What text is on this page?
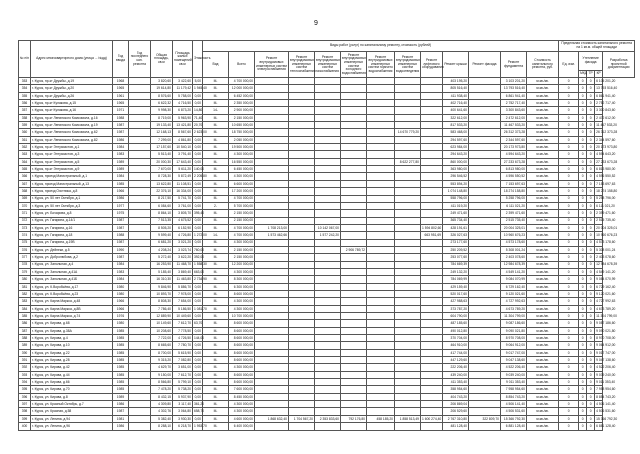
9
№ п/п	Адрес многоквартирного дома (улица ... №дд)	Год ввода	Год последнего кап. ремонта	Общая площадь, кв.м	Площадь жилых помещений, кв.м	Этажность	Виды работ (услуг) по капитальному ремонту, стоимость (рублей)													Предельная стоимость капитального ремонта на 1 кв.м. общей площади				
							Вид	Всего	Ремонт внутридомовых инженерных систем электроснабжения	Ремонт внутридомовых инженерных систем теплоснабжения	Ремонт внутридомовых инженерных систем газоснабжения	Ремонт внутридомовых инженерных систем холодного водоснабжения	Ремонт внутридомовых инженерных систем горячего водоснабжения	Ремонт внутридомовых инженерных систем водоотведения	Ремонт лифтового оборудования	Ремонт крыши	Ремонт фасада	Ремонт фундамента	Стоимость капитального ремонта, руб.	Ед. изм.	Утепление фасада			Разработка проектной документации
																					МКД	ТР	КР	
353	г. Курск, пр-кт Дружбы, д.19	1968		3 820,60	3 422,60	5,00	М-	4 700 000,00								403 195,20		3 103 201,20	м.кв./кв.	0	0	0	6 105 201,20	
354	г. Курск, пр-кт Дружбы, д.20	1965		19 614,80	11 179,42	1 945,40	М-	12 000 000,00								805 516,40		13 793 516,40	м.кв./кв.	0	0	0	13 793 516,40	
355	г. Курск, пр-кт Дружбы, д.26	1961		8 576,60	5 758,00	0,00	М-	6 452 000,00								411 938,40		6 861 941,40	м.кв./кв.	0	0	0	6 861 941,40	
356	г. Курск, пр-кт Кулакова, д.15	1965		6 622,32	4 716,50	0,00	М-	2 350 000,00								402 716,40		2 752 717,40	м.кв./кв.	0	0	0	2 752 717,40	
357	г. Курск, пр-кт Кулакова, д.16	1971		9 998,30	6 873,20	14,80	14-	2 900 000,00								400 641,60		3 300 843,60	м.кв./кв.	0	0	0	3 300 843,60	
358	г. Курск, пр-кт Ленинского Комсомола, д.16	1988		8 719,00	5 963,90	71,40	М-	2 150 000,00								322 612,00		2 472 612,00	м.кв./кв.	0	0	0	2 472 612,00	
359	г. Курск, пр-кт Ленинского Комсомола, д.19	1987		19 133,40	13 421,80	20,70	М-	10 650 000,00								817 533,20		11 467 533,20	м.кв./кв.	0	0	0	11 467 533,20	
360	г. Курск, пр-кт Ленинского Комсомола, д.62	1987		12 168,13	8 567,60	2 623,00	М-	18 750 000,00						14 670 779,20		583 468,00		26 312 373,28	м.кв./кв.	0	0	0	26 312 373,28	
361	г. Курск, пр-кт Ленинского Комсомола, д.82	1986		7 299,00	4 861,80	0,00	М-	2 050 000,00								294 597,60		2 344 597,60	м.кв./кв.	0	0	0	2 344 597,60	
362	г. Курск, пр-кт Энтузиастов, д.1	1984		17 157,60	10 540,10	0,00	М-	19 500 000,00								623 984,00		20 173 973,80	м.кв./кв.	0	0	0	20 173 973,80	
363	г. Курск, пр-кт Энтузиастов, д.3	1983		5 513,40	3 791,40	0,00	М-	4 300 000,00								294 643,20		4 594 643,20	м.кв./кв.	0	0	0	4 594 643,20	
364	г. Курск, пр-кт Энтузиастов, д.5	1989		20 000,30	17 643,40	0,00	М-	16 550 000,00						8 622 277,80		860 000,00		27 233 673,28	м.кв./кв.	0	0	0	27 233 673,28	
365	г. Курск, пр-кт Энтузиастов, д.9	1989		7 670,00	5 611,20	140,00	М-	6 450 000,00								363 980,00		6 813 980,00	м.кв./кв.	0	0	0	6 813 980,00	
366	г. Курск, проезд Магистральный, д.1	1984		8 728,30	5 872,49	2 205,80	М-	4 300 000,00								296 546,52		4 596 550,52	м.кв./кв.	0	0	0	4 596 550,52	
367	г. Курск, проезд Магистральный, д.13	1985		13 622,80	11 108,51	0,00	М-	6 600 000,00								553 894,20		7 153 697,63	м.кв./кв.	0	0	0	7 153 697,63	
368	г. Курск, проезд Охотника, д.8	1966		22 376,10	16 334,00	0,00	М-	17 200 000,00								1 074 148,80		18 274 158,80	м.кв./кв.	0	0	0	18 274 158,80	
369	г. Курск, ул. 50 лет Октября, д.1	1986		8 217,50	5 741,70	0,00	М-	4 700 000,00								558 796,00		5 258 796,00	м.кв./кв.	0	0	0	5 258 796,00	
370	г. Курск, ул. 50 лет Октября, д.3	1977		6 084,60	3 761,00	0,00	2-	5 700 000,00								411 019,20		6 111 021,20	м.кв./кв.	0	0	0	6 111 021,20	
371	г. Курск, ул. Бочарова, д.8	1975		8 864,10	3 805,70	395,40	М-	2 150 000,00								249 471,60		2 399 471,60	м.кв./кв.	0	0	0	2 399 471,60	
372	г. Курск, ул. Гагарина, д.14/1	1987		7 513,35	4 675,52	0,00	М-	2 150 000,00								365 734,40		2 515 735,40	м.кв./кв.	0	0	0	2 515 735,40	
373	г. Курск, ул. Гагарина, д.16	1987		8 505,20	6 152,90	0,00	М-	4 700 000,00	1 708 213,00		10 142 067,00				1 594 802,60	428 191,61		20 004 325,01	м.кв./кв.	0	0	0	20 004 325,01	
374	г. Курск, ул. Гагарина, д.18	1988		9 599,40	4 726,80	1 272,00	14-	4 700 000,00	1 573 462,66		1 577 242,20				663 951,69	326 027,63		10 960 676,23	м.кв./кв.	0	0	0	10 960 676,23	
375	г. Курск, ул. Гагарина, д.19В	1987		6 681,20	3 021,20	0,00	М-	4 300 000,00								273 177,60		4 573 178,60	м.кв./кв.	0	0	0	4 573 178,60	
376	г. Курск, ул. Дейнеки, д.5	1990		4 208,24	3 023,74	760,00	М-	2 150 000,00				2 906 789,72				250 209,52		5 308 001,24	м.кв./кв.	0	0	0	5 308 001,24	
377	г. Курск, ул. Добролюбова, д.2	1987		5 272,40	3 622,20	392,00	М-	2 150 000,00								253 077,60		2 403 078,60	м.кв./кв.	0	0	0	2 403 078,60	
378	г. Курск, ул. Запольная, д.4	1984		16 253,90	11 468,70	1 558,30	М-	12 200 000,00								784 669,39		12 984 678,39	м.кв./кв.	0	0	0	12 984 678,39	
379	г. Курск, ул. Запольная, д.41А	1983		5 185,40	3 869,40	663,00	М-	4 300 000,00								249 132,20		4 549 141,20	м.кв./кв.	0	0	0	4 549 141,20	
380	г. Курск, ул. Запольная, д.41Б	1984		16 310,30	11 463,80	2 734,90	М-	8 300 000,00								784 069,99		9 084 070,99	м.кв./кв.	0	0	0	9 084 070,99	
381	г. Курск, ул. К.Воробьёва, д.17	1980		9 846,90	5 886,70	0,00	М-	6 300 000,00								429 159,40		6 729 162,40	м.кв./кв.	0	0	0	6 729 162,40	
382	г. Курск, ул. К.Воробьёва, д.23	1980		10 893,70	7 978,00	0,00	М-	8 600 000,00								520 017,60		9 120 021,60	м.кв./кв.	0	0	0	9 120 021,60	
383	г. Курск, ул. Карла Маркса, д.48	1966		8 808,30	7 654,00	0,00	М-	4 300 000,00								427 988,63		4 727 992,63	м.кв./кв.	0	0	0	4 727 992,63	
384	г. Курск, ул. Карла Маркса, д.8В	1966		7 786,40	5 186,50	1 081,70	М-	4 300 000,00								373 787,20		4 673 789,20	м.кв./кв.	0	0	0	4 673 789,20	
385	г. Курск, ул. Карла Маркса, д.74	1976		12 889,90	10 449,60	0,00	М-	10 700 000,00								604 790,00		11 304 799,00	м.кв./кв.	0	0	0	11 304 799,00	
386	г. Курск, ул. Кирова, д.68	1980		10 149,60	7 612,70	63,70	М-	8 600 000,00								487 185,60		9 087 186,60	м.кв./кв.	0	0	0	9 087 186,60	
387	г. Курск, ул. Кирова, д.38А	1985		10 208,60	7 778,50	0,00	М-	8 600 000,00								490 012,80		9 090 021,80	м.кв./кв.	0	0	0	9 090 021,80	
388	г. Курск, ул. Кирова, д.4	1985		7 722,00	4 726,50	144,00	М-	8 600 000,00								370 704,00		8 970 708,00	м.кв./кв.	0	0	0	8 970 708,00	
389	г. Курск, ул. Кирова, д.10	1985		8 665,60	7 780,70	0,00	М-	8 600 000,00								464 910,00		9 064 912,00	м.кв./кв.	0	0	0	9 064 912,00	
390	г. Курск, ул. Кирова, д.22	1985		8 700,00	5 615,90	0,00	М-	8 600 000,00								417 744,00		9 017 747,00	м.кв./кв.	0	0	0	9 017 747,00	
391	г. Курск, ул. Кирова, д.28	1985		9 315,20	7 082,80	0,00	М-	8 600 000,00								447 129,60		9 047 138,60	м.кв./кв.	0	0	0	9 047 138,60	
392	г. Курск, ул. Кирова, д.42	1985		4 629,70	3 651,00	0,00	М-	4 300 000,00								222 206,40		4 522 206,40	м.кв./кв.	0	0	0	4 522 206,40	
393	г. Курск, ул. Кирова, д.44	1985		9 150,00	7 612,70	0,00	М-	8 600 000,00								439 240,00		9 039 240,00	м.кв./кв.	0	0	0	9 039 240,00	
394	г. Курск, ул. Кирова, д.66	1985		8 566,80	5 799,10	0,00	М-	8 600 000,00								411 353,40		9 011 353,40	м.кв./кв.	0	0	0	9 011 353,40	
395	г. Курск, ул. Кирова, д.70	1985		7 478,20	5 738,20	0,00	М-	7 600 000,00								358 954,60		7 958 954,60	м.кв./кв.	0	0	0	7 958 954,60	
396	г. Курск, ул. Кирова, д.8	1989		8 432,15	5 937,90	0,00	М-	8 450 000,00								404 743,20		8 854 743,20	м.кв./кв.	0	0	0	8 854 743,20	
397	г. Курск, ул. Красный Октябрь, д.7	1986		4 309,80	3 117,40	361,20	М-	4 300 000,00								206 869,04		4 506 141,40	м.кв./кв.	0	0	0	4 506 141,40	
398	г. Курск, ул. Красная, д.58	1987		4 302,76	3 064,80	658,70	М-	4 300 000,00								206 529,60		4 506 531,60	м.кв./кв.	0	0	0	4 506 531,60	
399	г. Курск, ул. Ленина, д.94	1981		5 382,40	3 930,30	0,00	М-	4 600 000,00	1 868 632,40	1 704 567,20	2 353 833,60	792 176,80	458 185,20	1 858 513,49	1 600 274,40	2 767 310,80	322 809,70	15 366 792,30	м.кв./кв.	0	0	0	15 366 792,30	
400	г. Курск, ул. Ленина, д.96	1986		8 288,10	6 218,70	1 953,70	М-	6 400 000,00								481 128,40		6 881 128,40	м.кв./кв.	0	0	0	6 881 128,40	
